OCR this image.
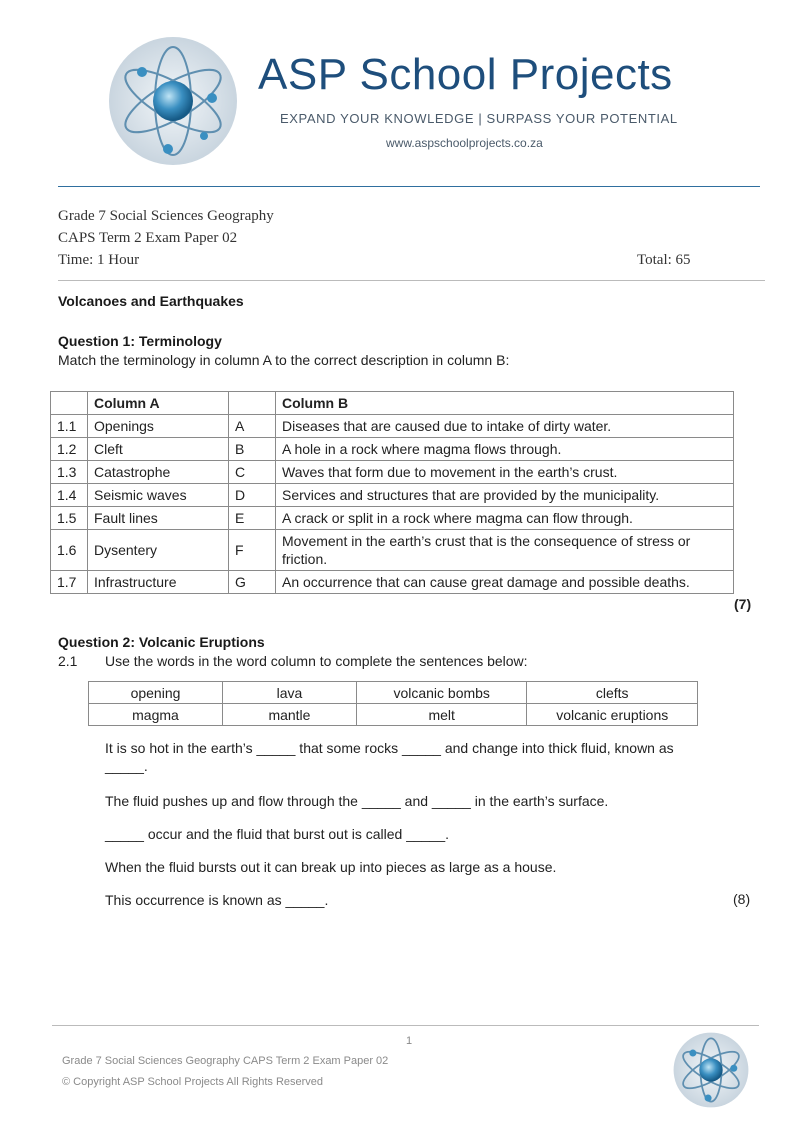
ASP School Projects
EXPAND YOUR KNOWLEDGE | SURPASS YOUR POTENTIAL
www.aspschoolprojects.co.za
Grade 7 Social Sciences Geography
CAPS Term 2 Exam Paper 02
Time: 1 Hour	Total: 65
Volcanoes and Earthquakes
Question 1: Terminology
Match the terminology in column A to the correct description in column B:
	Column A		Column B
1.1	Openings	A	Diseases that are caused due to intake of dirty water.
1.2	Cleft	B	A hole in a rock where magma flows through.
1.3	Catastrophe	C	Waves that form due to movement in the earth’s crust.
1.4	Seismic waves	D	Services and structures that are provided by the municipality.
1.5	Fault lines	E	A crack or split in a rock where magma can flow through.
1.6	Dysentery	F	Movement in the earth’s crust that is the consequence of stress or friction.
1.7	Infrastructure	G	An occurrence that can cause great damage and possible deaths.
(7)
Question 2: Volcanic Eruptions
2.1 Use the words in the word column to complete the sentences below:
opening	lava	volcanic bombs	clefts
magma	mantle	melt	volcanic eruptions
It is so hot in the earth’s _____ that some rocks _____ and change into thick fluid, known as _____.
The fluid pushes up and flow through the _____ and _____ in the earth’s surface.
_____ occur and the fluid that burst out is called _____.
When the fluid bursts out it can break up into pieces as large as a house.
This occurrence is known as _____.	(8)
1
Grade 7 Social Sciences Geography CAPS Term 2 Exam Paper 02
© Copyright ASP School Projects All Rights Reserved
